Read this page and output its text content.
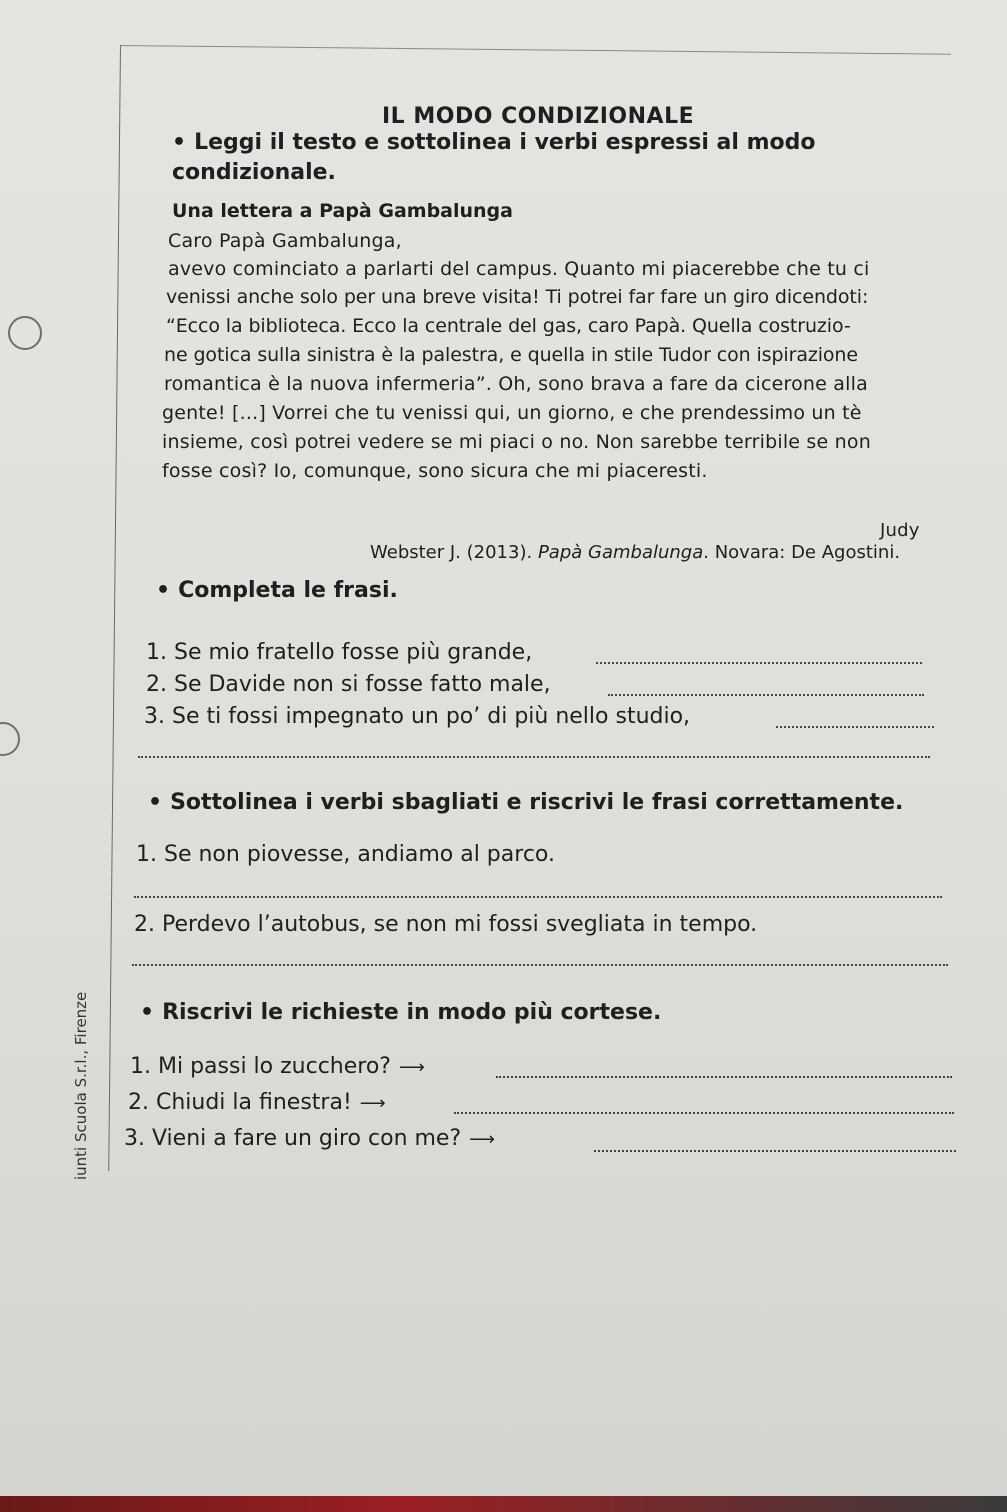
iunti Scuola S.r.l., Firenze
IL MODO CONDIZIONALE
• Leggi il testo e sottolinea i verbi espressi al modo
condizionale.
Una lettera a Papà Gambalunga
Caro Papà Gambalunga,
avevo cominciato a parlarti del campus. Quanto mi piacerebbe che tu ci
venissi anche solo per una breve visita! Ti potrei far fare un giro dicendoti:
“Ecco la biblioteca. Ecco la centrale del gas, caro Papà. Quella costruzio-
ne gotica sulla sinistra è la palestra, e quella in stile Tudor con ispirazione
romantica è la nuova infermeria”. Oh, sono brava a fare da cicerone alla
gente! [...] Vorrei che tu venissi qui, un giorno, e che prendessimo un tè
insieme, così potrei vedere se mi piaci o no. Non sarebbe terribile se non
fosse così? Io, comunque, sono sicura che mi piaceresti.
Judy
Webster J. (2013). Papà Gambalunga. Novara: De Agostini.
• Completa le frasi.
1. Se mio fratello fosse più grande,
2. Se Davide non si fosse fatto male,
3. Se ti fossi impegnato un po’ di più nello studio,
• Sottolinea i verbi sbagliati e riscrivi le frasi correttamente.
1. Se non piovesse, andiamo al parco.
2. Perdevo l’autobus, se non mi fossi svegliata in tempo.
• Riscrivi le richieste in modo più cortese.
1. Mi passi lo zucchero? ⟶
2. Chiudi la finestra! ⟶
3. Vieni a fare un giro con me? ⟶
